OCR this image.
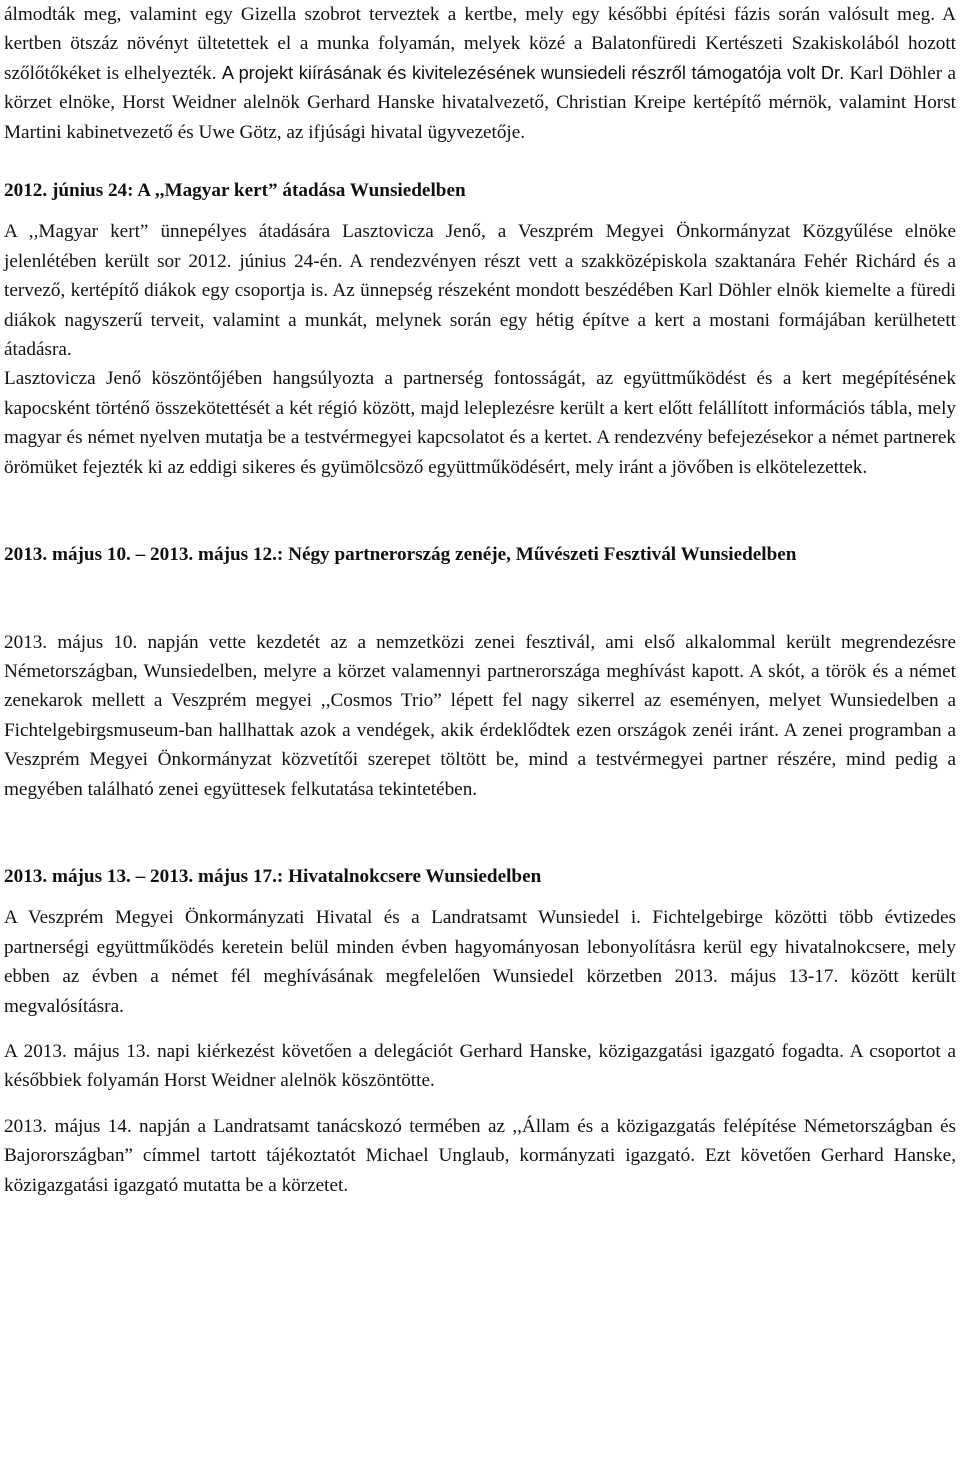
álmodták meg, valamint egy Gizella szobrot terveztek a kertbe, mely egy későbbi építési fázis során valósult meg. A kertben ötszáz növényt ültetettek el a munka folyamán, melyek közé a Balatonfüredi Kertészeti Szakiskolából hozott szőlőtőkéket is elhelyezték. A projekt kiírásának és kivitelezésének wunsiedeli részről támogatója volt Dr. Karl Döhler a körzet elnöke, Horst Weidner alelnök Gerhard Hanske hivatalvezető, Christian Kreipe kertépítő mérnök, valamint Horst Martini kabinetvezető és Uwe Götz, az ifjúsági hivatal ügyvezetője.

2012. június 24: A ,,Magyar kert” átadása Wunsiedelben

A ,,Magyar kert” ünnepélyes átadására Lasztovicza Jenő, a Veszprém Megyei Önkormányzat Közgyűlése elnöke jelenlétében került sor 2012. június 24-én. A rendezvényen részt vett a szakközépiskola szaktanára Fehér Richárd és a tervező, kertépítő diákok egy csoportja is. Az ünnepség részeként mondott beszédében Karl Döhler elnök kiemelte a füredi diákok nagyszerű terveit, valamint a munkát, melynek során egy hétig építve a kert a mostani formájában kerülhetett átadásra.

Lasztovicza Jenő köszöntőjében hangsúlyozta a partnerség fontosságát, az együttműködést és a kert megépítésének kapocsként történő összekötettését a két régió között, majd leleplezésre került a kert előtt felállított információs tábla, mely magyar és német nyelven mutatja be a testvérmegyei kapcsolatot és a kertet. A rendezvény befejezésekor a német partnerek örömüket fejezték ki az eddigi sikeres és gyümölcsöző együttműködésért, mely iránt a jövőben is elkötelezettek.

2013. május 10. – 2013. május 12.: Négy partnerország zenéje, Művészeti Fesztivál Wunsiedelben

2013. május 10. napján vette kezdetét az a nemzetközi zenei fesztivál, ami első alkalommal került megrendezésre Németországban, Wunsiedelben, melyre a körzet valamennyi partnerországa meghívást kapott. A skót, a török és a német zenekarok mellett a Veszprém megyei ,,Cosmos Trio” lépett fel nagy sikerrel az eseményen, melyet Wunsiedelben a Fichtelgebirgsmuseum-ban hallhattak azok a vendégek, akik érdeklődtek ezen országok zenéi iránt. A zenei programban a Veszprém Megyei Önkormányzat közvetítői szerepet töltött be, mind a testvérmegyei partner részére, mind pedig a megyében található zenei együttesek felkutatása tekintetében.

2013. május 13. – 2013. május 17.: Hivatalnokcsere Wunsiedelben

A Veszprém Megyei Önkormányzati Hivatal és a Landratsamt Wunsiedel i. Fichtelgebirge közötti több évtizedes partnerségi együttműködés keretein belül minden évben hagyományosan lebonyolításra kerül egy hivatalnokcsere, mely ebben az évben a német fél meghívásának megfelelően Wunsiedel körzetben 2013. május 13-17. között került megvalósításra.

A 2013. május 13. napi kiérkezést követően a delegációt Gerhard Hanske, közigazgatási igazgató fogadta. A csoportot a későbbiek folyamán Horst Weidner alelnök köszöntötte.

2013. május 14. napján a Landratsamt tanácskozó termében az ,,Állam és a közigazgatás felépítése Németországban és Bajorországban” címmel tartott tájékoztatót Michael Unglaub, kormányzati igazgató. Ezt követően Gerhard Hanske, közigazgatási igazgató mutatta be a körzetet.
